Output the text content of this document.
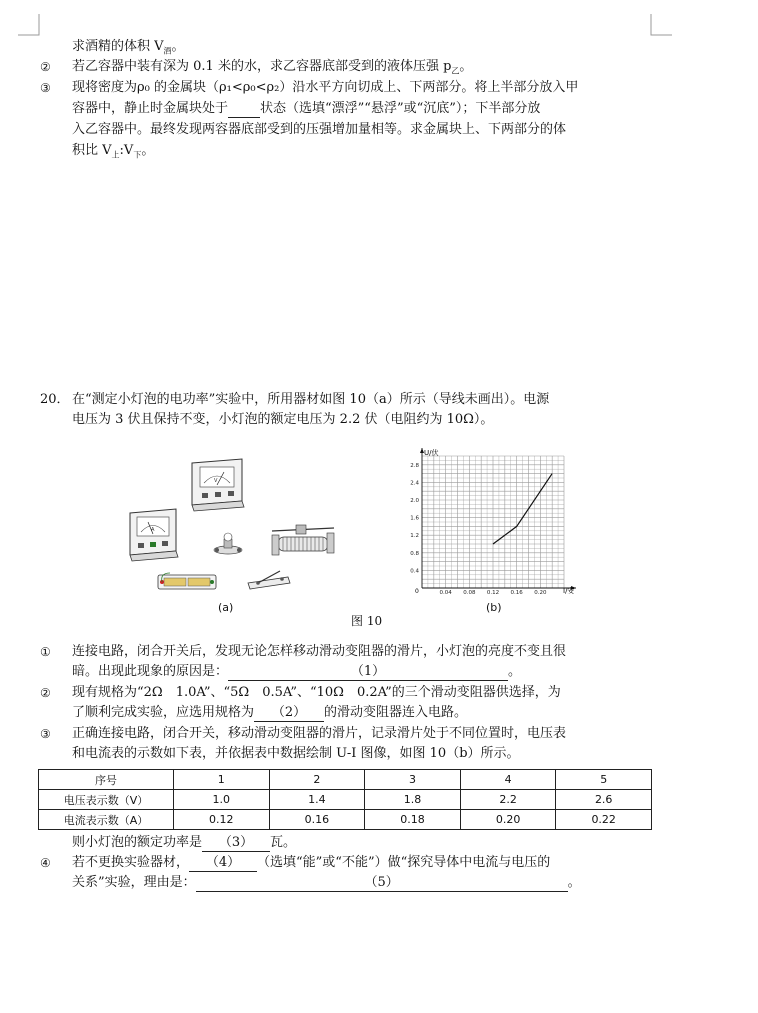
求酒精的体积 $V_酒$。
② 若乙容器中装有深为 0.1 米的水，求乙容器底部受到的液体压强 $p_乙$。
③ 现将密度为ρ₀ 的金属块（ρ₁<ρ₀<ρ₂）沿水平方向切成上、下两部分。将上半部分放入甲
容器中，静止时金属块处于 状态（选填“漂浮”“悬浮”或“沉底”）；下半部分放
入乙容器中。最终发现两容器底部受到的压强增加量相等。求金属块上、下两部分的体
积比 $V_上:V_下$。
20． 在“测定小灯泡的电功率”实验中，所用器材如图 10（a）所示（导线未画出）。电源
电压为 3 伏且保持不变，小灯泡的额定电压为 2.2 伏（电阻约为 10Ω）。
V
A
0.4
0.8
1.2
1.6
2.0
2.4
2.8
0.04 0.08 0.12 0.16 0.20
U/伏
I/安
0
(a)	(b)
图 10
① 连接电路，闭合开关后，发现无论怎样移动滑动变阻器的滑片，小灯泡的亮度不变且很
暗。出现此现象的原因是：	（1）	。
② 现有规格为“2Ω　1.0A”、“5Ω　0.5A”、“10Ω　0.2A”的三个滑动变阻器供选择，为
了顺利完成实验，应选用规格为 （2） 的滑动变阻器连入电路。
③ 正确连接电路，闭合开关，移动滑动变阻器的滑片，记录滑片处于不同位置时，电压表
和电流表的示数如下表，并依据表中数据绘制 U-I 图像，如图 10（b）所示。
序号	1	2	3	4	5
电压表示数（V）	1.0	1.4	1.8	2.2	2.6
电流表示数（A）	0.12	0.16	0.18	0.20	0.22
则小灯泡的额定功率是 （3） 瓦。
④ 若不更换实验器材， （4） （选填“能”或“不能”）做“探究导体中电流与电压的
关系”实验，理由是：	（5）	。
